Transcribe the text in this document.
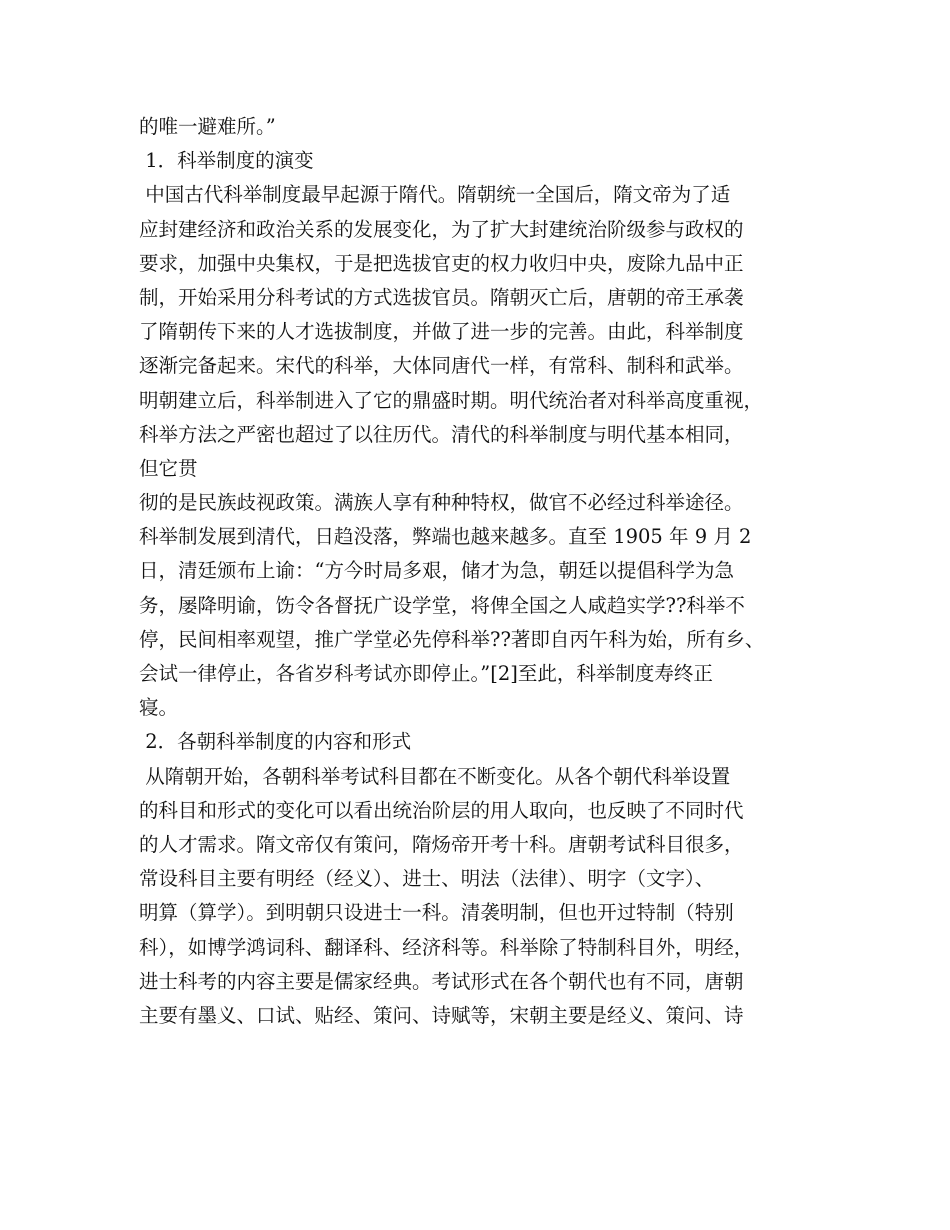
的唯一避难所。”
1．科举制度的演变
中国古代科举制度最早起源于隋代。隋朝统一全国后，隋文帝为了适
应封建经济和政治关系的发展变化，为了扩大封建统治阶级参与政权的
要求，加强中央集权，于是把选拔官吏的权力收归中央，废除九品中正
制，开始采用分科考试的方式选拔官员。隋朝灭亡后，唐朝的帝王承袭
了隋朝传下来的人才选拔制度，并做了进一步的完善。由此，科举制度
逐渐完备起来。宋代的科举，大体同唐代一样，有常科、制科和武举。
明朝建立后，科举制进入了它的鼎盛时期。明代统治者对科举高度重视，
科举方法之严密也超过了以往历代。清代的科举制度与明代基本相同，
但它贯
彻的是民族歧视政策。满族人享有种种特权，做官不必经过科举途径。
科举制发展到清代，日趋没落，弊端也越来越多。直至 1905 年 9 月 2
日，清廷颁布上谕：“方今时局多艰，储才为急，朝廷以提倡科学为急
务，屡降明谕，饬令各督抚广设学堂，将俾全国之人咸趋实学??科举不
停，民间相率观望，推广学堂必先停科举??著即自丙午科为始，所有乡、
会试一律停止，各省岁科考试亦即停止。”[2]至此，科举制度寿终正
寝。
2．各朝科举制度的内容和形式
从隋朝开始，各朝科举考试科目都在不断变化。从各个朝代科举设置
的科目和形式的变化可以看出统治阶层的用人取向，也反映了不同时代
的人才需求。隋文帝仅有策问，隋炀帝开考十科。唐朝考试科目很多，
常设科目主要有明经（经义）、进士、明法（法律）、明字（文字）、
明算（算学）。到明朝只设进士一科。清袭明制，但也开过特制（特别
科），如博学鸿词科、翻译科、经济科等。科举除了特制科目外，明经，
进士科考的内容主要是儒家经典。考试形式在各个朝代也有不同，唐朝
主要有墨义、口试、贴经、策问、诗赋等，宋朝主要是经义、策问、诗
